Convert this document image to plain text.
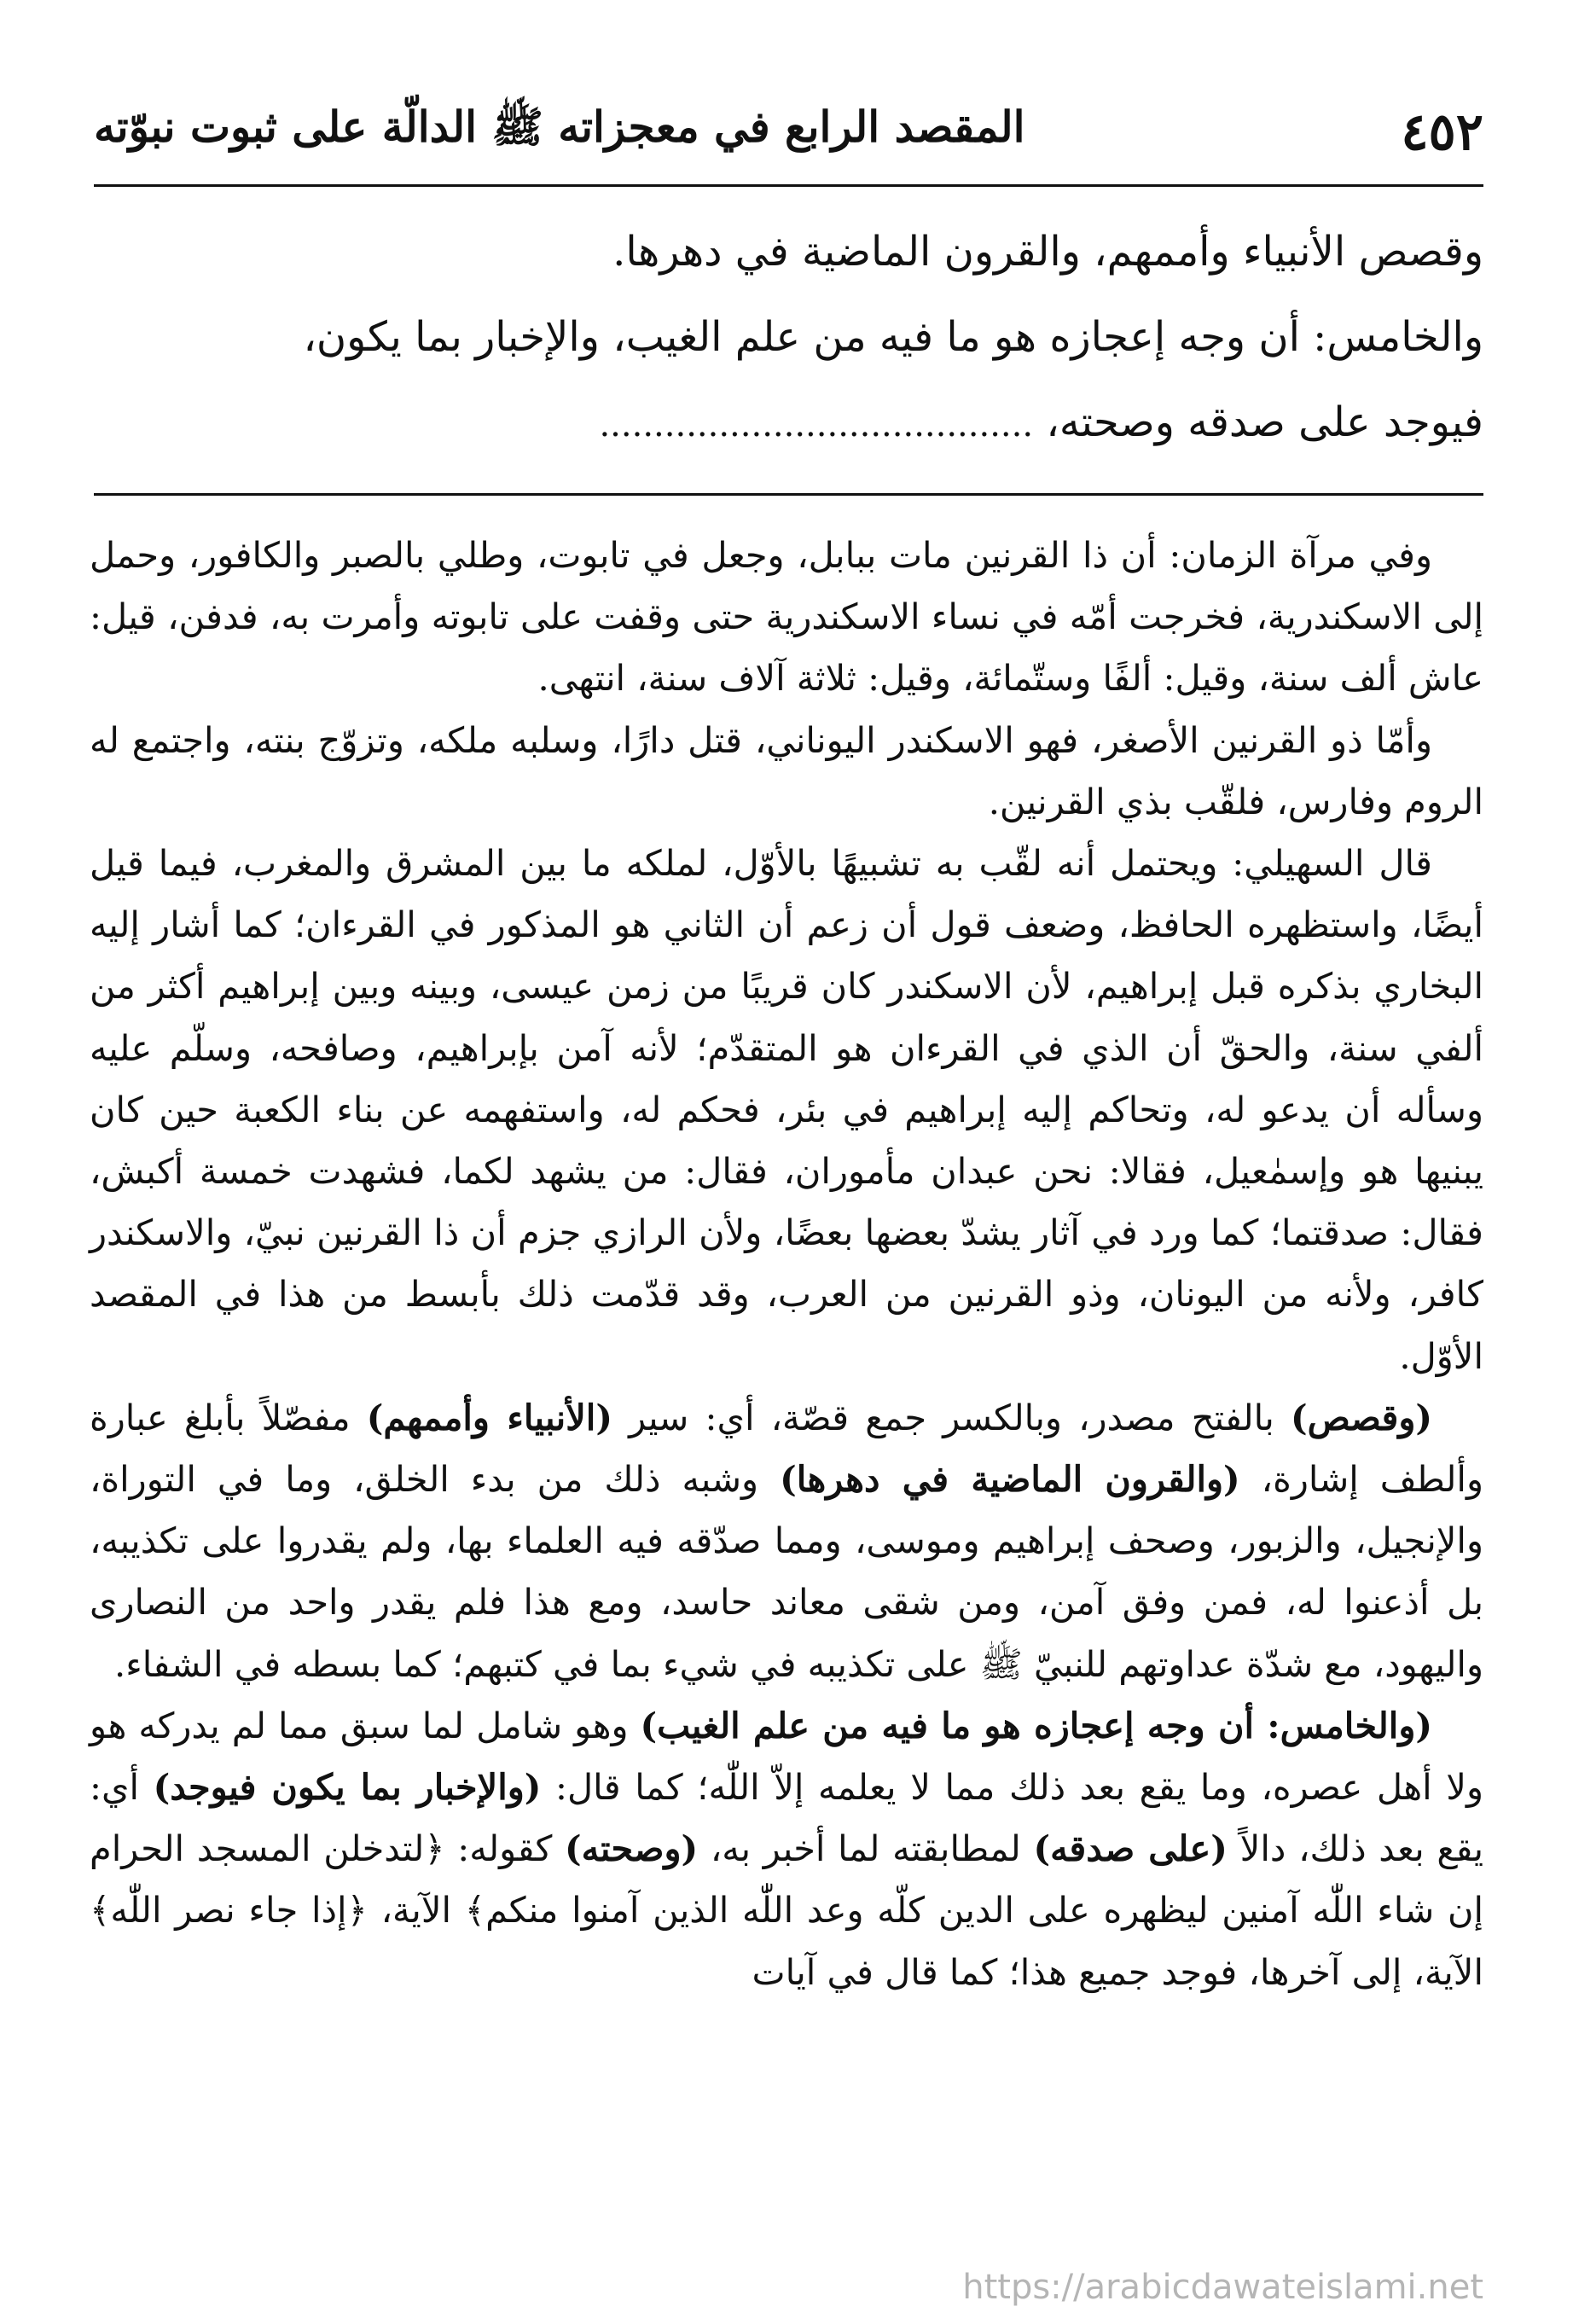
٤٥٢
المقصد الرابع في معجزاته ﷺ الدالّة على ثبوت نبوّته

وقصص الأنبياء وأممهم، والقرون الماضية في دهرها.

والخامس: أن وجه إعجازه هو ما فيه من علم الغيب، والإخبار بما يكون،

فيوجد على صدقه وصحته، ........................................

وفي مرآة الزمان: أن ذا القرنين مات ببابل، وجعل في تابوت، وطلي بالصبر والكافور، وحمل إلى الاسكندرية، فخرجت أمّه في نساء الاسكندرية حتى وقفت على تابوته وأمرت به، فدفن، قيل: عاش ألف سنة، وقيل: ألفًا وستّمائة، وقيل: ثلاثة آلاف سنة، انتهى.

وأمّا ذو القرنين الأصغر، فهو الاسكندر اليوناني، قتل دارًا، وسلبه ملكه، وتزوّج بنته، واجتمع له الروم وفارس، فلقّب بذي القرنين.

قال السهيلي: ويحتمل أنه لقّب به تشبيهًا بالأوّل، لملكه ما بين المشرق والمغرب، فيما قيل أيضًا، واستظهره الحافظ، وضعف قول أن زعم أن الثاني هو المذكور في القرءان؛ كما أشار إليه البخاري بذكره قبل إبراهيم، لأن الاسكندر كان قريبًا من زمن عيسى، وبينه وبين إبراهيم أكثر من ألفي سنة، والحقّ أن الذي في القرءان هو المتقدّم؛ لأنه آمن بإبراهيم، وصافحه، وسلّم عليه وسأله أن يدعو له، وتحاكم إليه إبراهيم في بئر، فحكم له، واستفهمه عن بناء الكعبة حين كان يبنيها هو وإسمٰعيل، فقالا: نحن عبدان مأموران، فقال: من يشهد لكما، فشهدت خمسة أكبش، فقال: صدقتما؛ كما ورد في آثار يشدّ بعضها بعضًا، ولأن الرازي جزم أن ذا القرنين نبيّ، والاسكندر كافر، ولأنه من اليونان، وذو القرنين من العرب، وقد قدّمت ذلك بأبسط من هذا في المقصد الأوّل.

(وقصص) بالفتح مصدر، وبالكسر جمع قصّة، أي: سير (الأنبياء وأممهم) مفصّلاً بأبلغ عبارة وألطف إشارة، (والقرون الماضية في دهرها) وشبه ذلك من بدء الخلق، وما في التوراة، والإنجيل، والزبور، وصحف إبراهيم وموسى، ومما صدّقه فيه العلماء بها، ولم يقدروا على تكذيبه، بل أذعنوا له، فمن وفق آمن، ومن شقى معاند حاسد، ومع هذا فلم يقدر واحد من النصارى واليهود، مع شدّة عداوتهم للنبيّ ﷺ على تكذيبه في شيء بما في كتبهم؛ كما بسطه في الشفاء.

(والخامس: أن وجه إعجازه هو ما فيه من علم الغيب) وهو شامل لما سبق مما لم يدركه هو ولا أهل عصره، وما يقع بعد ذلك مما لا يعلمه إلاّ اللّٰه؛ كما قال: (والإخبار بما يكون فيوجد) أي: يقع بعد ذلك، دالاً (على صدقه) لمطابقته لما أخبر به، (وصحته) كقوله: ﴿لتدخلن المسجد الحرام إن شاء اللّٰه آمنين ليظهره على الدين كلّه وعد اللّٰه الذين آمنوا منكم﴾ الآية، ﴿إذا جاء نصر اللّٰه﴾ الآية، إلى آخرها، فوجد جميع هذا؛ كما قال في آيات

https://arabicdawateislami.net
